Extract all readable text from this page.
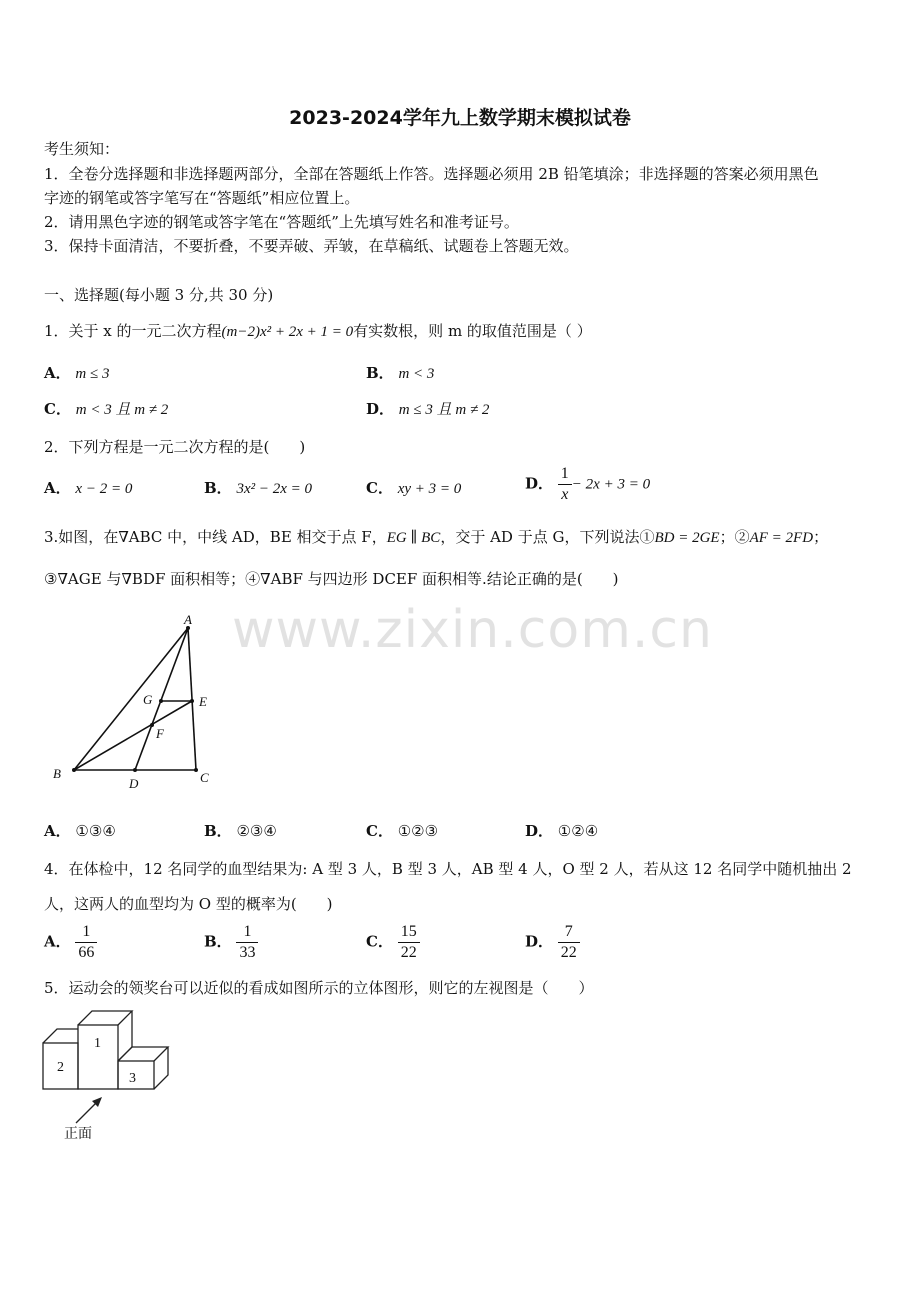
2023-2024学年九上数学期末模拟试卷
考生须知：
1．全卷分选择题和非选择题两部分，全部在答题纸上作答。选择题必须用 2B 铅笔填涂；非选择题的答案必须用黑色
字迹的钢笔或答字笔写在“答题纸”相应位置上。
2．请用黑色字迹的钢笔或答字笔在“答题纸”上先填写姓名和准考证号。
3．保持卡面清洁，不要折叠，不要弄破、弄皱，在草稿纸、试题卷上答题无效。
一、选择题(每小题 3 分,共 30 分)
1．关于 x 的一元二次方程(m−2)x² + 2x + 1 = 0有实数根，则 m 的取值范围是（ ）
A． m ≤ 3	B． m < 3
C． m < 3 且 m ≠ 2	D． m ≤ 3 且 m ≠ 2
2．下列方程是一元二次方程的是(　　)
A． x − 2 = 0	B． 3x² − 2x = 0	C． xy + 3 = 0	D． $\frac{1}{x} - 2x + 3 = 0$
3.如图，在∇ABC 中，中线 AD，BE 相交于点 F，EG ∥ BC，交于 AD 于点 G，下列说法①BD = 2GE；②AF = 2FD；
③∇AGE 与∇BDF 面积相等；④∇ABF 与四边形 DCEF 面积相等.结论正确的是(　　)
www.zixin.com.cn
A
B	C
D
E
F
G
A． ①③④	B． ②③④	C． ①②③	D． ①②④
4．在体检中，12 名同学的血型结果为: A 型 3 人，B 型 3 人，AB 型 4 人，O 型 2 人，若从这 12 名同学中随机抽出 2
人，这两人的血型均为 O 型的概率为(　　)
A． $\frac{1}{66}$	B． $\frac{1}{33}$	C． $\frac{15}{22}$	D． $\frac{7}{22}$
5．运动会的领奖台可以近似的看成如图所示的立体图形，则它的左视图是（　　）
1
2
3
正面
